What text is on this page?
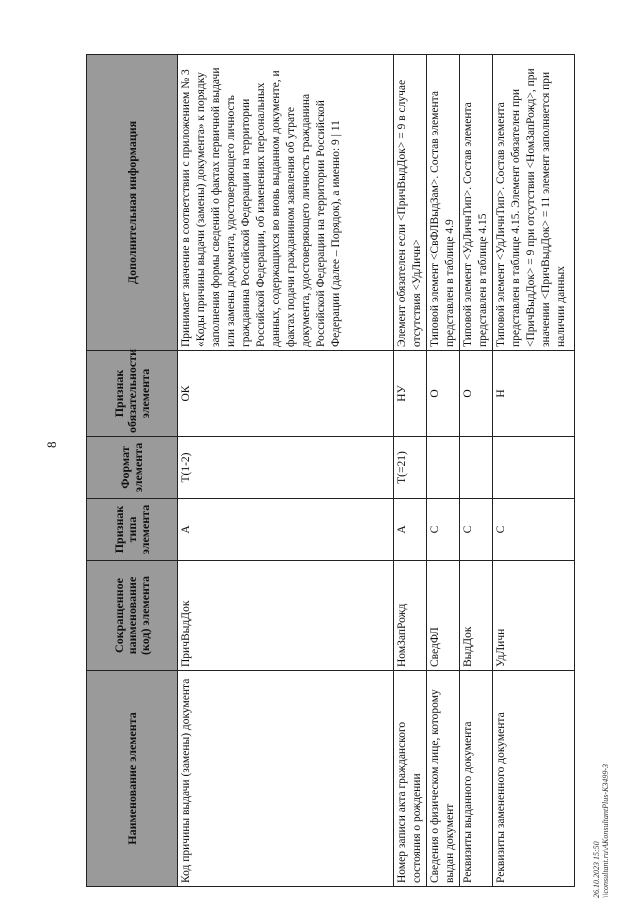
8
26.10.2023 15:50 \\consultant.ru\AKonsultantPlus-K3499-3
Наименование элемента	Сокращенное наименование (код) элемента	Признак типа элемента	Формат элемента	Признак обязательности элемента	Дополнительная информация
Код причины выдачи (замены) документа	ПричВыдДок	А	Т(1-2)	ОК	Принимает значение в соответствии с приложением № 3 «Коды причины выдачи (замены) документа» к порядку заполнения формы сведений о фактах первичной выдачи или замены документа, удостоверяющего личность гражданина Российской Федерации на территории Российской Федерации, об изменениях персональных данных, содержащихся во вновь выданном документе, и фактах подачи гражданином заявления об утрате документа, удостоверяющего личность гражданина Российской Федерации на территории Российской Федерации (далее – Порядок), а именно: 9 | 11
Номер записи акта гражданского состояния о рождении	НомЗапРожд	А	Т(=21)	НУ	Элемент обязателен если <ПричВыдДок> = 9 в случае отсутствия <УдЛичн>
Сведения о физическом лице, которому выдан документ	СведФЛ	С		О	Типовой элемент <СвФЛВыдЗам>. Состав элемента представлен в таблице 4.9
Реквизиты выданного документа	ВыдДок	С		О	Типовой элемент <УдЛичнТип>. Состав элемента представлен в таблице 4.15
Реквизиты замененного документа	УдЛичн	С		Н	Типовой элемент <УдЛичнТип>. Состав элемента представлен в таблице 4.15. Элемент обязателен при <ПричВыдДок> = 9 при отсутствии <НомЗапРожд>, при значении <ПричВыдДок> = 11 элемент заполняется при наличии данных
